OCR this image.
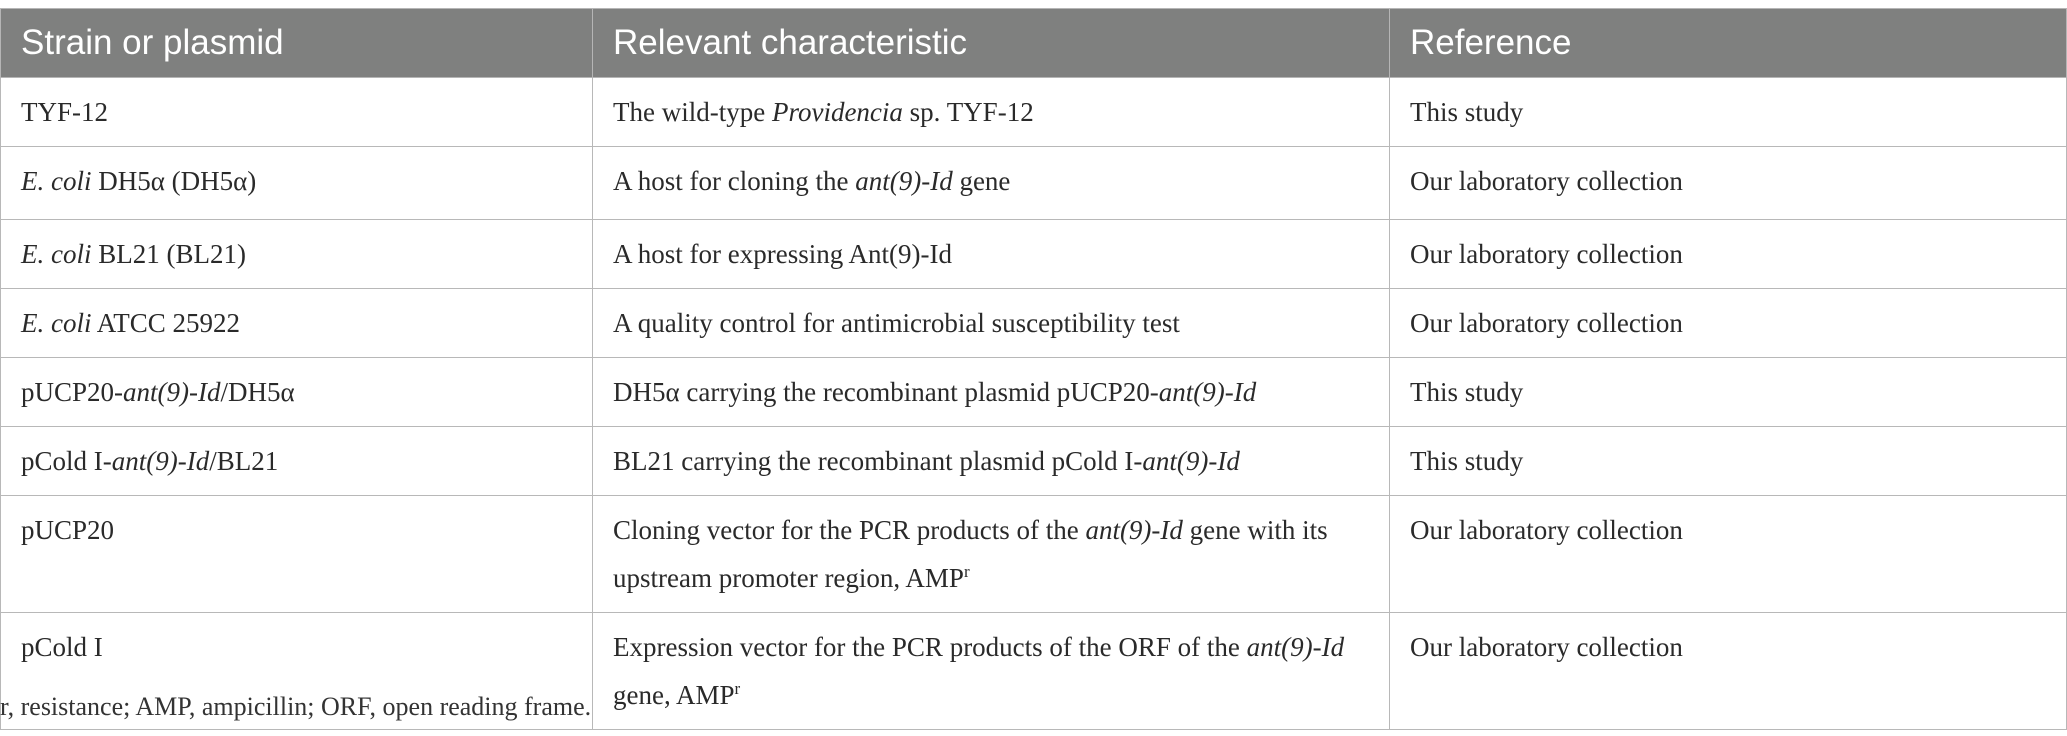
Strain or plasmid	Relevant characteristic	Reference
TYF-12	The wild-type Providencia sp. TYF-12	This study
E. coli DH5α (DH5α)	A host for cloning the ant(9)-Id gene	Our laboratory collection
E. coli BL21 (BL21)	A host for expressing Ant(9)-Id	Our laboratory collection
E. coli ATCC 25922	A quality control for antimicrobial susceptibility test	Our laboratory collection
pUCP20-ant(9)-Id/DH5α	DH5α carrying the recombinant plasmid pUCP20-ant(9)-Id	This study
pCold I-ant(9)-Id/BL21	BL21 carrying the recombinant plasmid pCold I-ant(9)-Id	This study
pUCP20	Cloning vector for the PCR products of the ant(9)-Id gene with its upstream promoter region, AMP$^r$	Our laboratory collection
pCold I	Expression vector for the PCR products of the ORF of the ant(9)-Id gene, AMP$^r$	Our laboratory collection
r, resistance; AMP, ampicillin; ORF, open reading frame.
